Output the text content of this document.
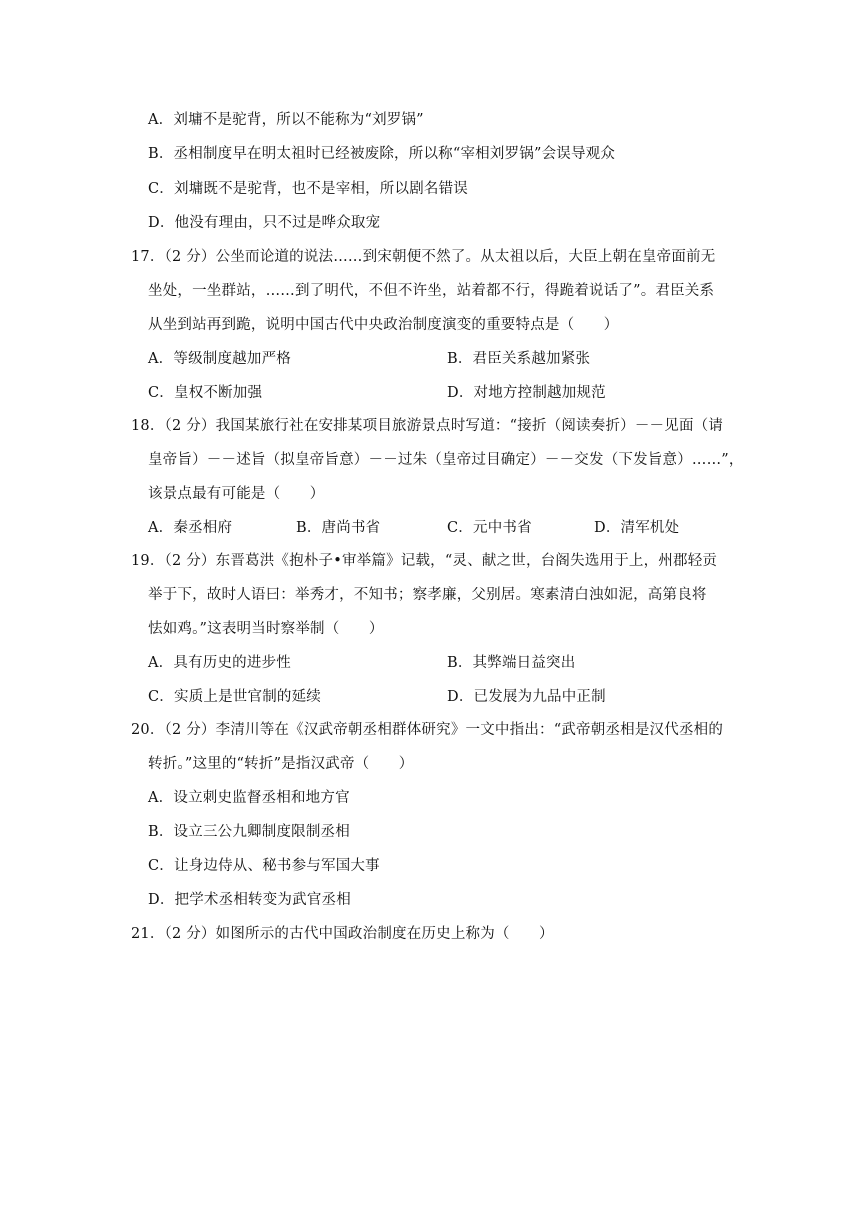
A．刘墉不是驼背，所以不能称为“刘罗锅”
B．丞相制度早在明太祖时已经被废除，所以称“宰相刘罗锅”会误导观众
C．刘墉既不是驼背，也不是宰相，所以剧名错误
D．他没有理由，只不过是哗众取宠
17．（2 分）公坐而论道的说法……到宋朝便不然了。从太祖以后，大臣上朝在皇帝面前无
坐处，一坐群站，……到了明代，不但不许坐，站着都不行，得跪着说话了”。君臣关系
从坐到站再到跪，说明中国古代中央政治制度演变的重要特点是（　　）
A．等级制度越加严格	B．君臣关系越加紧张
C．皇权不断加强	D．对地方控制越加规范
18．（2 分）我国某旅行社在安排某项目旅游景点时写道：“接折（阅读奏折）－－见面（请
皇帝旨）－－述旨（拟皇帝旨意）－－过朱（皇帝过目确定）－－交发（下发旨意）……”，
该景点最有可能是（　　）
A．秦丞相府	B．唐尚书省	C．元中书省	D．清军机处
19．（2 分）东晋葛洪《抱朴子•审举篇》记载，“灵、献之世，台阁失选用于上，州郡轻贡
举于下，故时人语曰：举秀才，不知书；察孝廉，父别居。寒素清白浊如泥，高第良将
怯如鸡。”这表明当时察举制（　　）
A．具有历史的进步性	B．其弊端日益突出
C．实质上是世官制的延续	D．已发展为九品中正制
20．（2 分）李清川等在《汉武帝朝丞相群体研究》一文中指出：“武帝朝丞相是汉代丞相的
转折。”这里的“转折”是指汉武帝（　　）
A．设立刺史监督丞相和地方官
B．设立三公九卿制度限制丞相
C．让身边侍从、秘书参与军国大事
D．把学术丞相转变为武官丞相
21．（2 分）如图所示的古代中国政治制度在历史上称为（　　）
